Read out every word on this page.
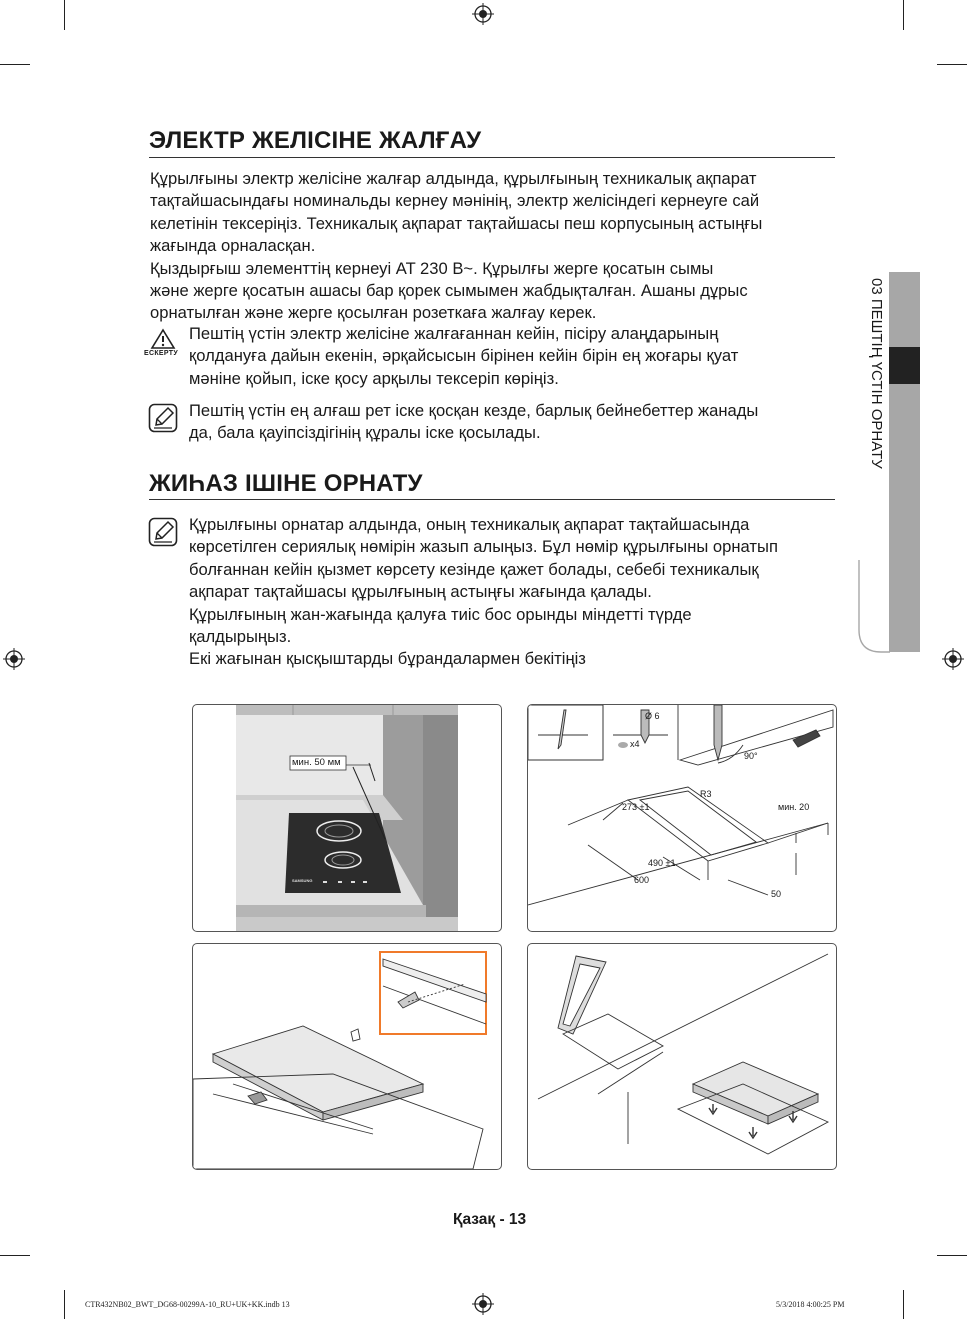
03 ПЕШТІҢ ҮСТІН ОРНАТУ
ЭЛЕКТР ЖЕЛІСІНЕ ЖАЛҒАУ

Құрылғыны электр желісіне жалғар алдында, құрылғының техникалық ақпарат

тақтайшасындағы номинальды кернеу мәнінің, электр желісіндегі кернеуге сай

келетінін тексеріңіз. Техникалық ақпарат тақтайшасы пеш корпусының астыңғы

жағында орналасқан.

Қыздырғыш элементтің кернеуі AT 230 В~. Құрылғы жерге қосатын сымы

және жерге қосатын ашасы бар қорек сымымен жабдықталған. Ашаны дұрыс

орнатылған және жерге қосылған розеткаға жалғау керек.

ЕСКЕРТУ

Пештің үстін электр желісіне жалғағаннан кейін, пісіру алаңдарының

қолдануға дайын екенін, әрқайсысын бірінен кейін бірін ең жоғары қуат

мәніне қойып, іске қосу арқылы тексеріп көріңіз.

Пештің үстін ең алғаш рет іске қосқан кезде, барлық бейнебеттер жанады

да, бала қауіпсіздігінің құралы іске қосылады.

ЖИҺАЗ ІШІНЕ ОРНАТУ

Құрылғыны орнатар алдында, оның техникалық ақпарат тақтайшасында

көрсетілген сериялық нөмірін жазып алыңыз. Бұл нөмір құрылғыны орнатып

болғаннан кейін қызмет көрсету кезінде қажет болады, себебі техникалық

ақпарат тақтайшасы құрылғының астыңғы жағында қалады.

Құрылғының жан-жағында қалуға тиіс бос орынды міндетті түрде

қалдырыңыз.

Екі жағынан қысқыштарды бұрандалармен бекітіңіз

мин. 50 мм
SAMSUNG
Ø 6
x4
90°
R3
273 ±1	мин. 20
490 ±1
600
50
Қазақ - 13
CTR432NB02_BWT_DG68-00299A-10_RU+UK+KK.indb 13	5/3/2018 4:00:25 PM
